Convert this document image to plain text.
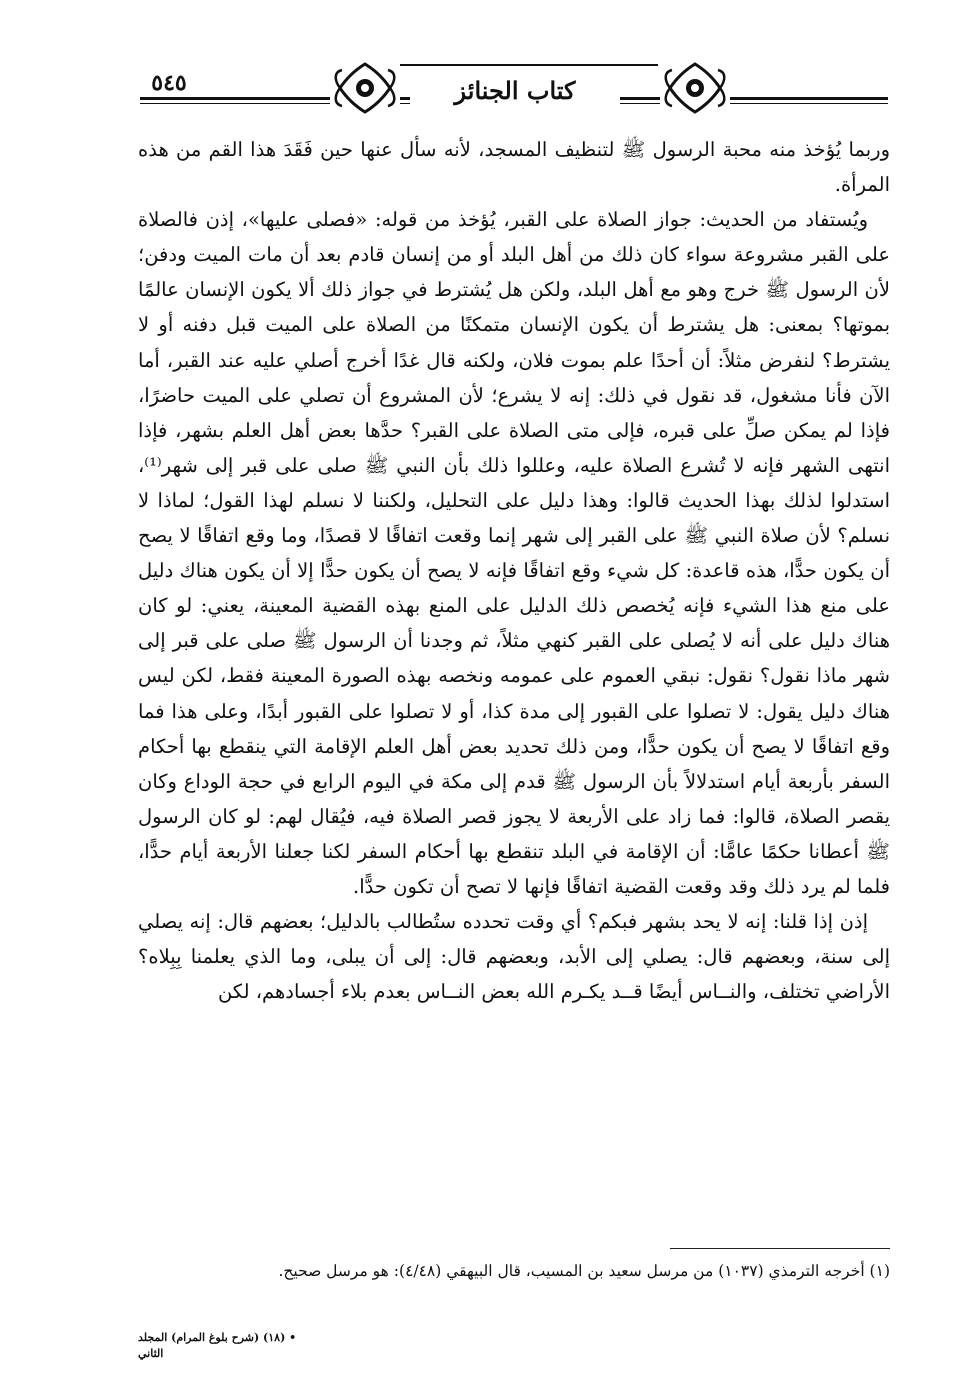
٥٤٥	كتاب الجنائز

وربما يُؤخذ منه محبة الرسول ﷺ لتنظيف المسجد، لأنه سأل عنها حين فَقَدَ هذا القم من هذه المرأة.

ويُستفاد من الحديث: جواز الصلاة على القبر، يُؤخذ من قوله: «فصلى عليها»، إذن فالصلاة على القبر مشروعة سواء كان ذلك من أهل البلد أو من إنسان قادم بعد أن مات الميت ودفن؛ لأن الرسول ﷺ خرج وهو مع أهل البلد، ولكن هل يُشترط في جواز ذلك ألا يكون الإنسان عالمًا بموتها؟ بمعنى: هل يشترط أن يكون الإنسان متمكنًا من الصلاة على الميت قبل دفنه أو لا يشترط؟ لنفرض مثلاً: أن أحدًا علم بموت فلان، ولكنه قال غدًا أخرج أصلي عليه عند القبر، أما الآن فأنا مشغول، قد نقول في ذلك: إنه لا يشرع؛ لأن المشروع أن تصلي على الميت حاضرًا، فإذا لم يمكن صلِّ على قبره، فإلى متى الصلاة على القبر؟ حدَّها بعض أهل العلم بشهر، فإذا انتهى الشهر فإنه لا تُشرع الصلاة عليه، وعللوا ذلك بأن النبي ﷺ صلى على قبر إلى شهر⁽¹⁾، استدلوا لذلك بهذا الحديث قالوا: وهذا دليل على التحليل، ولكننا لا نسلم لهذا القول؛ لماذا لا نسلم؟ لأن صلاة النبي ﷺ على القبر إلى شهر إنما وقعت اتفاقًا لا قصدًا، وما وقع اتفاقًا لا يصح أن يكون حدًّا، هذه قاعدة: كل شيء وقع اتفاقًا فإنه لا يصح أن يكون حدًّا إلا أن يكون هناك دليل على منع هذا الشيء فإنه يُخصص ذلك الدليل على المنع بهذه القضية المعينة، يعني: لو كان هناك دليل على أنه لا يُصلى على القبر كنهي مثلاً، ثم وجدنا أن الرسول ﷺ صلى على قبر إلى شهر ماذا نقول؟ نقول: نبقي العموم على عمومه ونخصه بهذه الصورة المعينة فقط، لكن ليس هناك دليل يقول: لا تصلوا على القبور إلى مدة كذا، أو لا تصلوا على القبور أبدًا، وعلى هذا فما وقع اتفاقًا لا يصح أن يكون حدًّا، ومن ذلك تحديد بعض أهل العلم الإقامة التي ينقطع بها أحكام السفر بأربعة أيام استدلالاً بأن الرسول ﷺ قدم إلى مكة في اليوم الرابع في حجة الوداع وكان يقصر الصلاة، قالوا: فما زاد على الأربعة لا يجوز قصر الصلاة فيه، فيُقال لهم: لو كان الرسول ﷺ أعطانا حكمًا عامًّا: أن الإقامة في البلد تنقطع بها أحكام السفر لكنا جعلنا الأربعة أيام حدًّا، فلما لم يرد ذلك وقد وقعت القضية اتفاقًا فإنها لا تصح أن تكون حدًّا.

إذن إذا قلنا: إنه لا يحد بشهر فبكم؟ أي وقت تحدده ستُطالب بالدليل؛ بعضهم قال: إنه يصلي إلى سنة، وبعضهم قال: يصلي إلى الأبد، وبعضهم قال: إلى أن يبلى، وما الذي يعلمنا بِبِلاه؟ الأراضي تختلف، والنــاس أيضًا قــد يكـرم الله بعض النــاس بعدم بلاء أجسادهم، لكن

(١) أخرجه الترمذي (١٠٣٧) من مرسل سعيد بن المسيب، قال البيهقي (٤/٤٨): هو مرسل صحيح.
• (١٨) (شرح بلوغ المرام) المجلد الثاني
